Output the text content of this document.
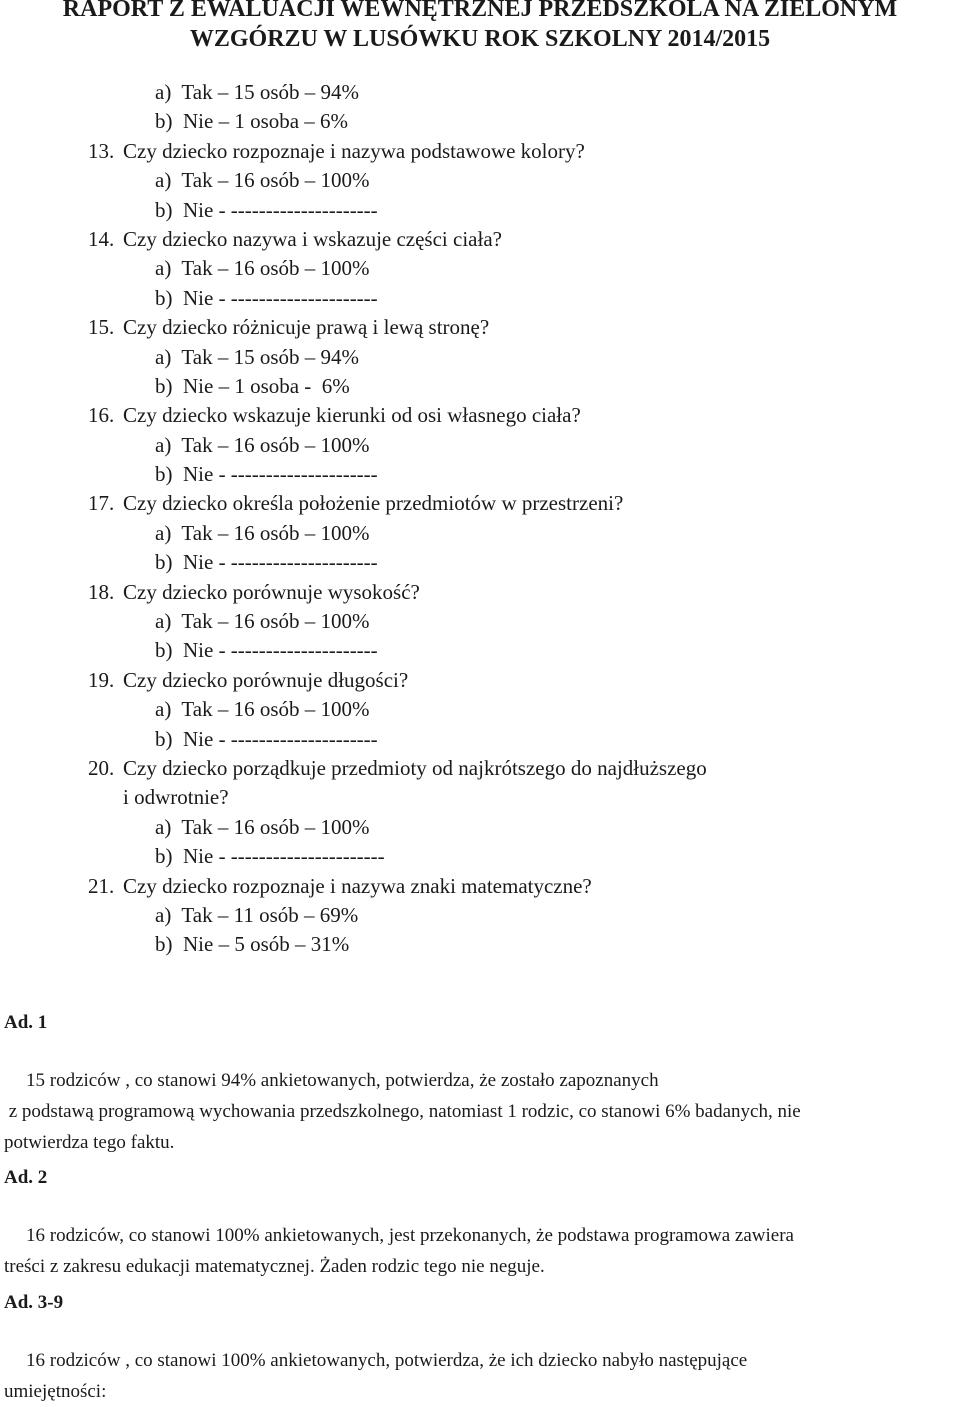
RAPORT Z EWALUACJI WEWNĘTRZNEJ PRZEDSZKOLA NA ZIELONYM
WZGÓRZU W LUSÓWKU ROK SZKOLNY 2014/2015
a)  Tak – 15 osób – 94%
b)  Nie – 1 osoba – 6%
13. Czy dziecko rozpoznaje i nazywa podstawowe kolory?
a)  Tak – 16 osób – 100%
b)  Nie - ---------------------
14. Czy dziecko nazywa i wskazuje części ciała?
a)  Tak – 16 osób – 100%
b)  Nie - ---------------------
15. Czy dziecko różnicuje prawą i lewą stronę?
a)  Tak – 15 osób – 94%
b)  Nie – 1 osoba -  6%
16. Czy dziecko wskazuje kierunki od osi własnego ciała?
a)  Tak – 16 osób – 100%
b)  Nie - ---------------------
17. Czy dziecko określa położenie przedmiotów w przestrzeni?
a)  Tak – 16 osób – 100%
b)  Nie - ---------------------
18. Czy dziecko porównuje wysokość?
a)  Tak – 16 osób – 100%
b)  Nie - ---------------------
19. Czy dziecko porównuje długości?
a)  Tak – 16 osób – 100%
b)  Nie - ---------------------
20. Czy dziecko porządkuje przedmioty od najkrótszego do najdłuższego
i odwrotnie?
a)  Tak – 16 osób – 100%
b)  Nie - ----------------------
21. Czy dziecko rozpoznaje i nazywa znaki matematyczne?
a)  Tak – 11 osób – 69%
b)  Nie – 5 osób – 31%
Ad. 1

15 rodziców , co stanowi 94% ankietowanych, potwierdza, że zostało zapoznanych

z podstawą programową wychowania przedszkolnego, natomiast 1 rodzic, co stanowi 6% badanych, nie

potwierdza tego faktu.

Ad. 2

16 rodziców, co stanowi 100% ankietowanych, jest przekonanych, że podstawa programowa zawiera

treści z zakresu edukacji matematycznej. Żaden rodzic tego nie neguje.

Ad. 3-9

16 rodziców , co stanowi 100% ankietowanych, potwierdza, że ich dziecko nabyło następujące

umiejętności:
